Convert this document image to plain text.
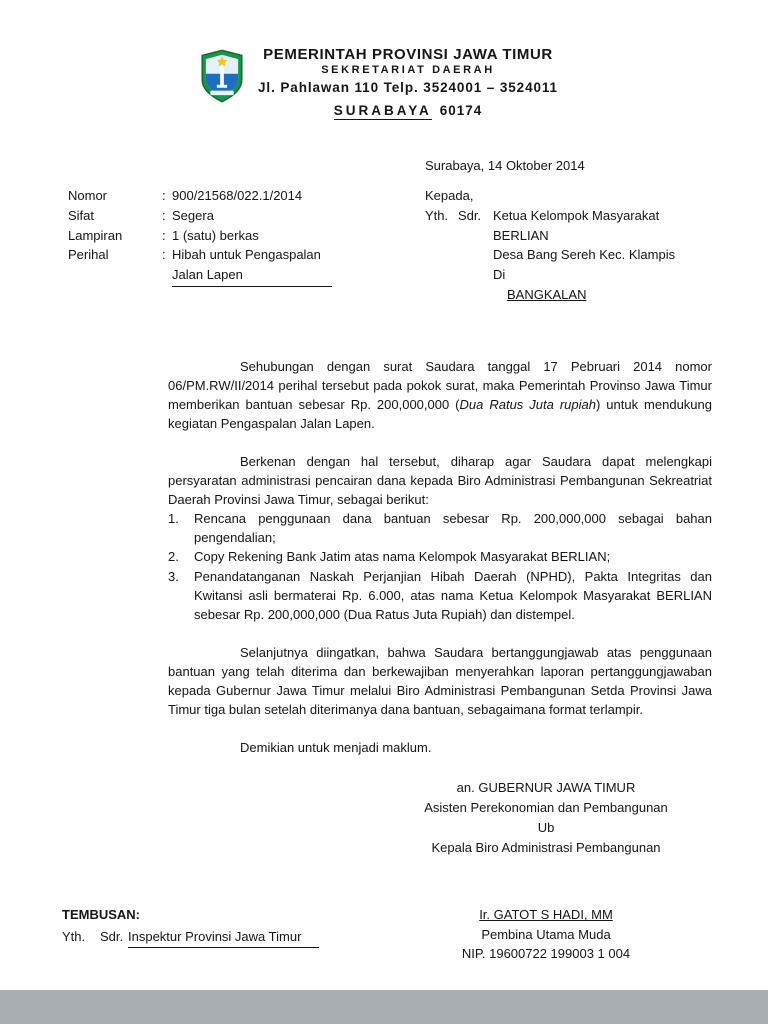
PEMERINTAH PROVINSI JAWA TIMUR
SEKRETARIAT DAERAH
Jl. Pahlawan 110 Telp. 3524001 – 3524011
SURABAYA 60174
Surabaya, 14 Oktober 2014
Nomor	: 900/21568/022.1/2014
Sifat	: Segera
Lampiran	: 1 (satu) berkas
Perihal	: Hibah untuk Pengaspalan
Jalan Lapen
Kepada,
Yth. Sdr. Ketua Kelompok Masyarakat
BERLIAN
Desa Bang Sereh Kec. Klampis
Di
BANGKALAN

Sehubungan dengan surat Saudara tanggal 17 Pebruari 2014 nomor 06/PM.RW/II/2014 perihal tersebut pada pokok surat, maka Pemerintah Provinso Jawa Timur memberikan bantuan sebesar Rp. 200,000,000 (Dua Ratus Juta rupiah) untuk mendukung kegiatan Pengaspalan Jalan Lapen.

Berkenan dengan hal tersebut, diharap agar Saudara dapat melengkapi persyaratan administrasi pencairan dana kepada Biro Administrasi Pembangunan Sekreatriat Daerah Provinsi Jawa Timur, sebagai berikut:

1.	Rencana penggunaan dana bantuan sebesar Rp. 200,000,000 sebagai bahan pengendalian;
2.	Copy Rekening Bank Jatim atas nama Kelompok Masyarakat BERLIAN;
3.	Penandatanganan Naskah Perjanjian Hibah Daerah (NPHD), Pakta Integritas dan Kwitansi asli bermaterai Rp. 6.000, atas nama Ketua Kelompok Masyarakat BERLIAN sebesar Rp. 200,000,000 (Dua Ratus Juta Rupiah) dan distempel.

Selanjutnya diingatkan, bahwa Saudara bertanggungjawab atas penggunaan bantuan yang telah diterima dan berkewajiban menyerahkan laporan pertanggungjawaban kepada Gubernur Jawa Timur melalui Biro Administrasi Pembangunan Setda Provinsi Jawa Timur tiga bulan setelah diterimanya dana bantuan, sebagaimana format terlampir.

Demikian untuk menjadi maklum.

an. GUBERNUR JAWA TIMUR
Asisten Perekonomian dan Pembangunan
Ub
Kepala Biro Administrasi Pembangunan
TEMBUSAN:
Yth.	Sdr. Inspektur Provinsi Jawa Timur
Ir. GATOT S HADI, MM
Pembina Utama Muda
NIP. 19600722 199003 1 004
